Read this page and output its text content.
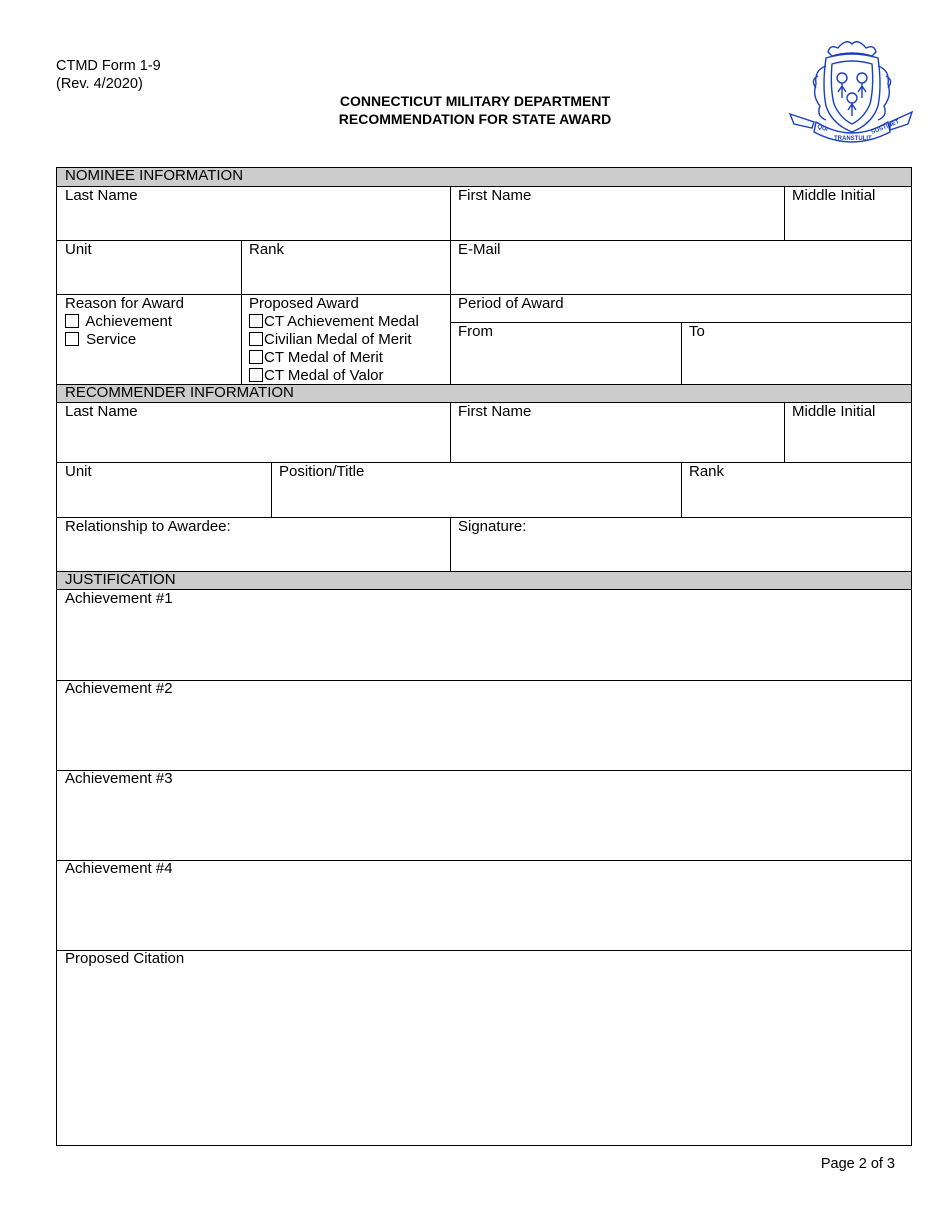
CTMD Form 1-9
(Rev. 4/2020)
CONNECTICUT MILITARY DEPARTMENT
RECOMMENDATION FOR STATE AWARD
QUI
TRANSTULIT
SUSTINET
NOMINEE INFORMATION
Last Name	First Name	Middle Initial
Unit	Rank	E-Mail
Reason for Award
Achievement
Service
Proposed Award
CT Achievement Medal
Civilian Medal of Merit
CT Medal of Merit
CT Medal of Valor
Period of Award
From	To
RECOMMENDER INFORMATION
Last Name	First Name	Middle Initial
Unit	Position/Title	Rank
Relationship to Awardee:	Signature:
JUSTIFICATION
Achievement #1
Achievement #2
Achievement #3
Achievement #4
Proposed Citation
Page 2 of 3
